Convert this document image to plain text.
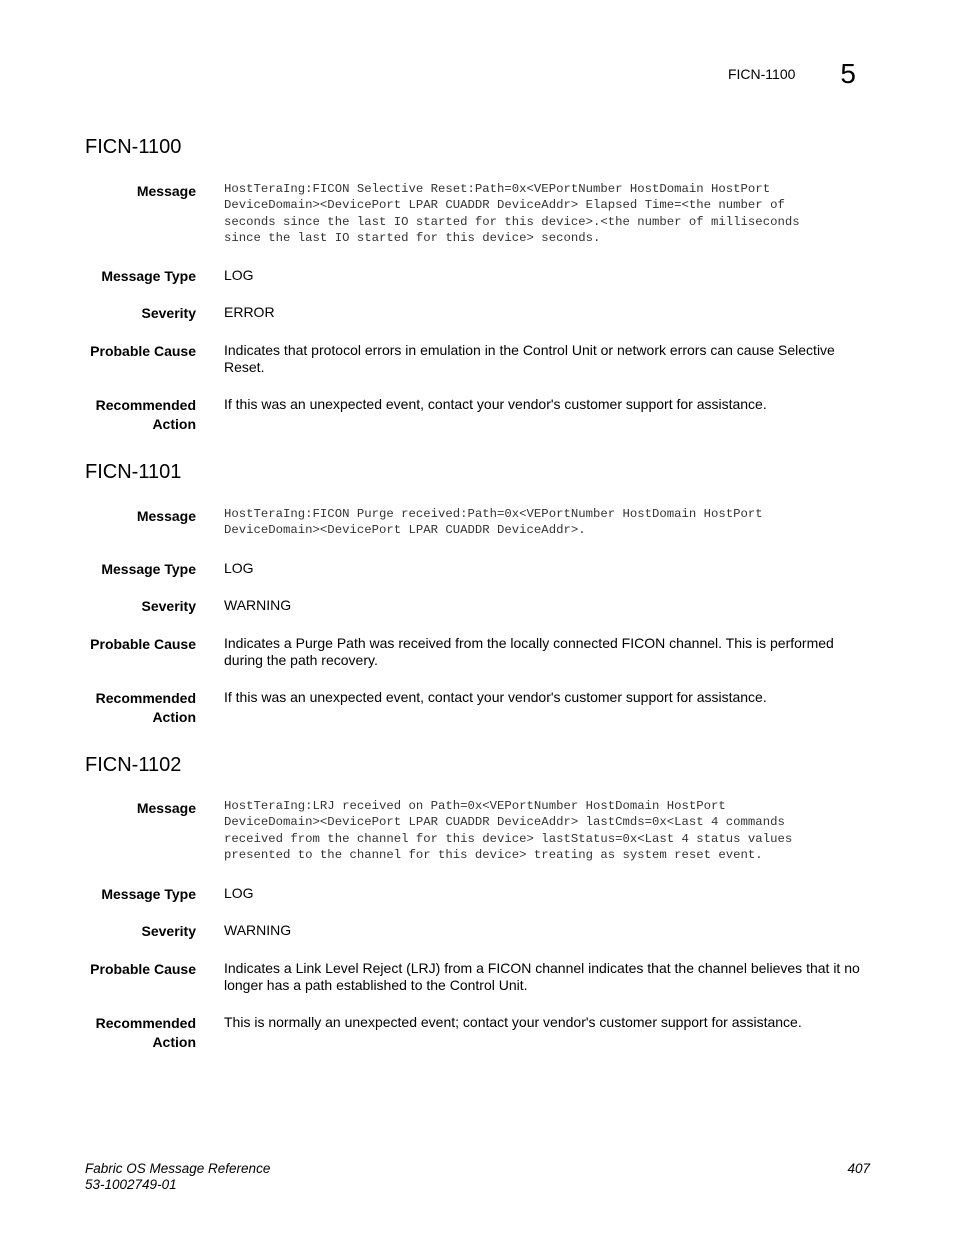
FICN-1100 5
FICN-1100
Message HostTeraIng:FICON Selective Reset:Path=0x<VEPortNumber HostDomain HostPort
DeviceDomain><DevicePort LPAR CUADDR DeviceAddr> Elapsed Time=<the number of
seconds since the last IO started for this device>.<the number of milliseconds
since the last IO started for this device> seconds.
Message Type LOG
Severity ERROR
Probable Cause Indicates that protocol errors in emulation in the Control Unit or network errors can cause Selective Reset.
Recommended
Action
If this was an unexpected event, contact your vendor's customer support for assistance.
FICN-1101
Message HostTeraIng:FICON Purge received:Path=0x<VEPortNumber HostDomain HostPort
DeviceDomain><DevicePort LPAR CUADDR DeviceAddr>.
Message Type LOG
Severity WARNING
Probable Cause Indicates a Purge Path was received from the locally connected FICON channel. This is performed during the path recovery.
Recommended
Action
If this was an unexpected event, contact your vendor's customer support for assistance.
FICN-1102
Message HostTeraIng:LRJ received on Path=0x<VEPortNumber HostDomain HostPort
DeviceDomain><DevicePort LPAR CUADDR DeviceAddr> lastCmds=0x<Last 4 commands
received from the channel for this device> lastStatus=0x<Last 4 status values
presented to the channel for this device> treating as system reset event.
Message Type LOG
Severity WARNING
Probable Cause Indicates a Link Level Reject (LRJ) from a FICON channel indicates that the channel believes that it no longer has a path established to the Control Unit.
Recommended
Action
This is normally an unexpected event; contact your vendor's customer support for assistance.
Fabric OS Message Reference
53-1002749-01
407
